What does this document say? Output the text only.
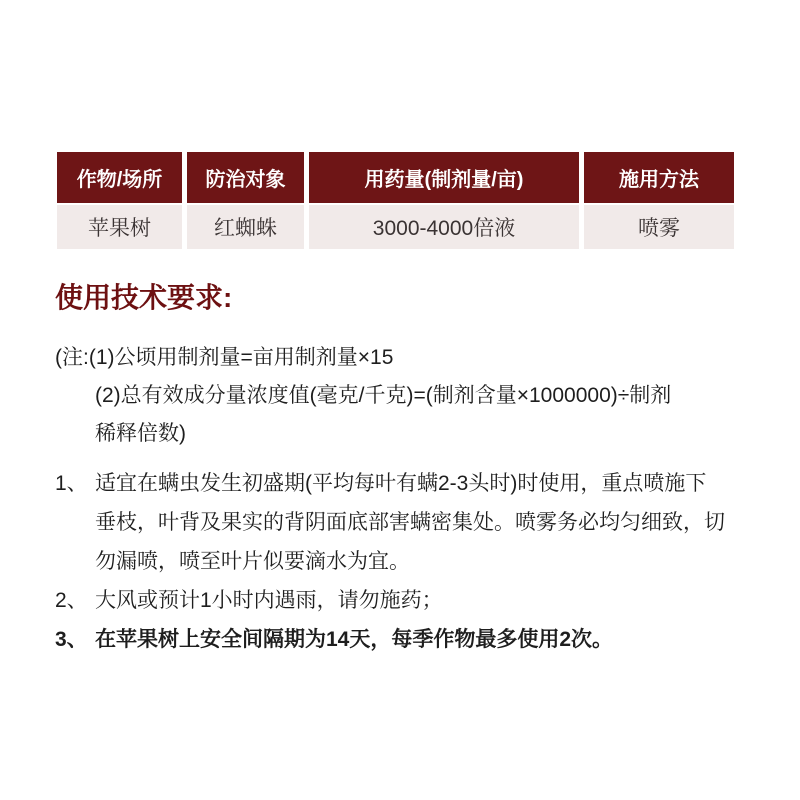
作物/场所	防治对象	用药量(制剂量/亩)	施用方法
苹果树	红蜘蛛	3000-4000倍液	喷雾
使用技术要求:
(注:(1)公顷用制剂量=亩用制剂量×15
(2)总有效成分量浓度值(毫克/千克)=(制剂含量×1000000)÷制剂
稀释倍数)
1、 适宜在螨虫发生初盛期(平均每叶有螨2-3头时)时使用，重点喷施下
垂枝，叶背及果实的背阴面底部害螨密集处。喷雾务必均匀细致，切
勿漏喷，喷至叶片似要滴水为宜。
2、 大风或预计1小时内遇雨，请勿施药；
3、 在苹果树上安全间隔期为14天，每季作物最多使用2次。
